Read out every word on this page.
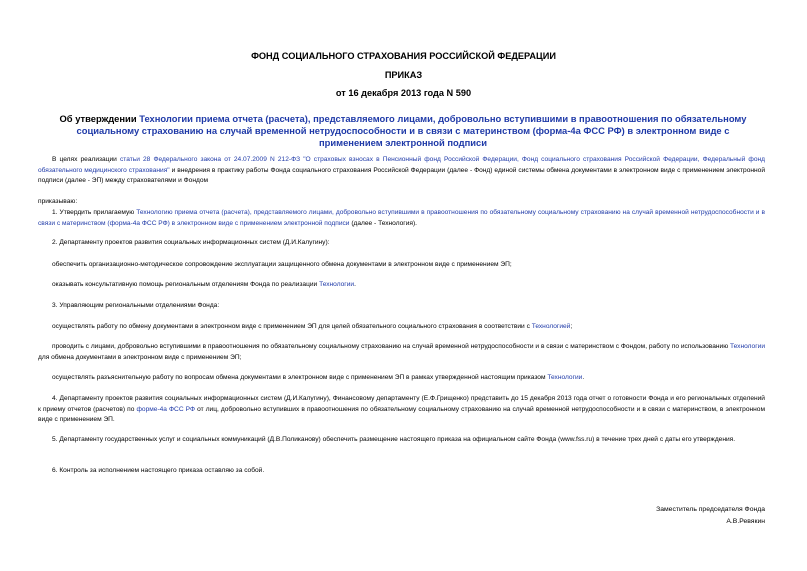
ФОНД СОЦИАЛЬНОГО СТРАХОВАНИЯ РОССИЙСКОЙ ФЕДЕРАЦИИ
ПРИКАЗ
от 16 декабря 2013 года N 590
Об утверждении Технологии приема отчета (расчета), представляемого лицами, добровольно вступившими в правоотношения по обязательному социальному страхованию на случай временной нетрудоспособности и в связи с материнством (форма-4а ФСС РФ) в электронном виде с применением электронной подписи
В целях реализации статьи 28 Федерального закона от 24.07.2009 N 212-ФЗ "О страховых взносах в Пенсионный фонд Российской Федерации, Фонд социального страхования Российской Федерации, Федеральный фонд обязательного медицинского страхования" и внедрения в практику работы Фонда социального страхования Российской Федерации (далее - Фонд) единой системы обмена документами в электронном виде с применением электронной подписи (далее - ЭП) между страхователями и Фондом
приказываю:
1. Утвердить прилагаемую Технологию приема отчета (расчета), представляемого лицами, добровольно вступившими в правоотношения по обязательному социальному страхованию на случай временной нетрудоспособности и в связи с материнством (форма-4а ФСС РФ) в электронном виде с применением электронной подписи (далее - Технология).
2. Департаменту проектов развития социальных информационных систем (Д.И.Калугину):
обеспечить организационно-методическое сопровождение эксплуатации защищенного обмена документами в электронном виде с применением ЭП;
оказывать консультативную помощь региональным отделениям Фонда по реализации Технологии.
3. Управляющим региональными отделениями Фонда:
осуществлять работу по обмену документами в электронном виде с применением ЭП для целей обязательного социального страхования в соответствии с Технологией;
проводить с лицами, добровольно вступившими в правоотношения по обязательному социальному страхованию на случай временной нетрудоспособности и в связи с материнством с Фондом, работу по использованию Технологии для обмена документами в электронном виде с применением ЭП;
осуществлять разъяснительную работу по вопросам обмена документами в электронном виде с применением ЭП в рамках утвержденной настоящим приказом Технологии.
4. Департаменту проектов развития социальных информационных систем (Д.И.Калугину), Финансовому департаменту (Е.Ф.Грищенко) представить до 15 декабря 2013 года отчет о готовности Фонда и его региональных отделений к приему отчетов (расчетов) по форме-4а ФСС РФ от лиц, добровольно вступивших в правоотношения по обязательному социальному страхованию на случай временной нетрудоспособности и в связи с материнством, в электронном виде с применением ЭП.
5. Департаменту государственных услуг и социальных коммуникаций (Д.В.Поликанову) обеспечить размещение настоящего приказа на официальном сайте Фонда (www.fss.ru) в течение трех дней с даты его утверждения.
6. Контроль за исполнением настоящего приказа оставляю за собой.
Заместитель председателя Фонда
А.В.Ревякин
